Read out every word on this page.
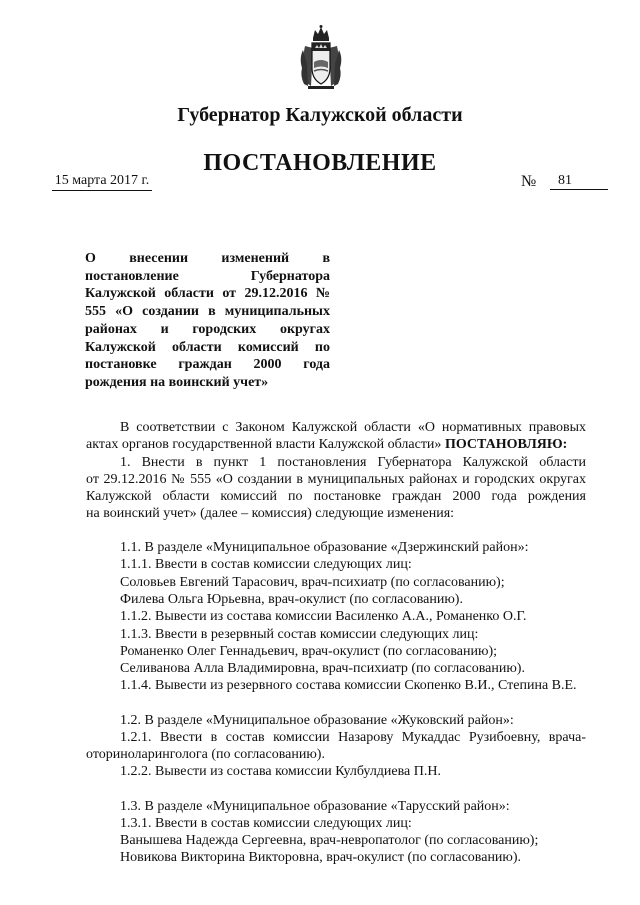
Губернатор Калужской области
ПОСТАНОВЛЕНИЕ
15 марта 2017 г.	№	81
О внесении изменений в постановление Губернатора Калужской области от 29.12.2016 № 555 «О создании в муниципальных районах и городских округах Калужской области комиссий по постановке граждан 2000 года рождения на воинский учет»
В соответствии с Законом Калужской области «О нормативных правовых
актах органов государственной власти Калужской области» ПОСТАНОВЛЯЮ:
1. Внести в пункт 1 постановления Губернатора Калужской области
от 29.12.2016 № 555 «О создании в муниципальных районах и городских округах
Калужской области комиссий по постановке граждан 2000 года рождения
на воинский учет» (далее – комиссия) следующие изменения:
1.1. В разделе «Муниципальное образование «Дзержинский район»:
1.1.1. Ввести в состав комиссии следующих лиц:
Соловьев Евгений Тарасович, врач-психиатр (по согласованию);
Филева Ольга Юрьевна, врач-окулист (по согласованию).
1.1.2. Вывести из состава комиссии Василенко А.А., Романенко О.Г.
1.1.3. Ввести в резервный состав комиссии следующих лиц:
Романенко Олег Геннадьевич, врач-окулист (по согласованию);
Селиванова Алла Владимировна, врач-психиатр (по согласованию).
1.1.4. Вывести из резервного состава комиссии Скопенко В.И., Степина В.Е.
1.2. В разделе «Муниципальное образование «Жуковский район»:
1.2.1. Ввести в состав комиссии Назарову Мукаддас Рузибоевну, врача-
оториноларинголога (по согласованию).
1.2.2. Вывести из состава комиссии Кулбулдиева П.Н.
1.3. В разделе «Муниципальное образование «Тарусский район»:
1.3.1. Ввести в состав комиссии следующих лиц:
Ванышева Надежда Сергеевна, врач-невропатолог (по согласованию);
Новикова Викторина Викторовна, врач-окулист (по согласованию).
